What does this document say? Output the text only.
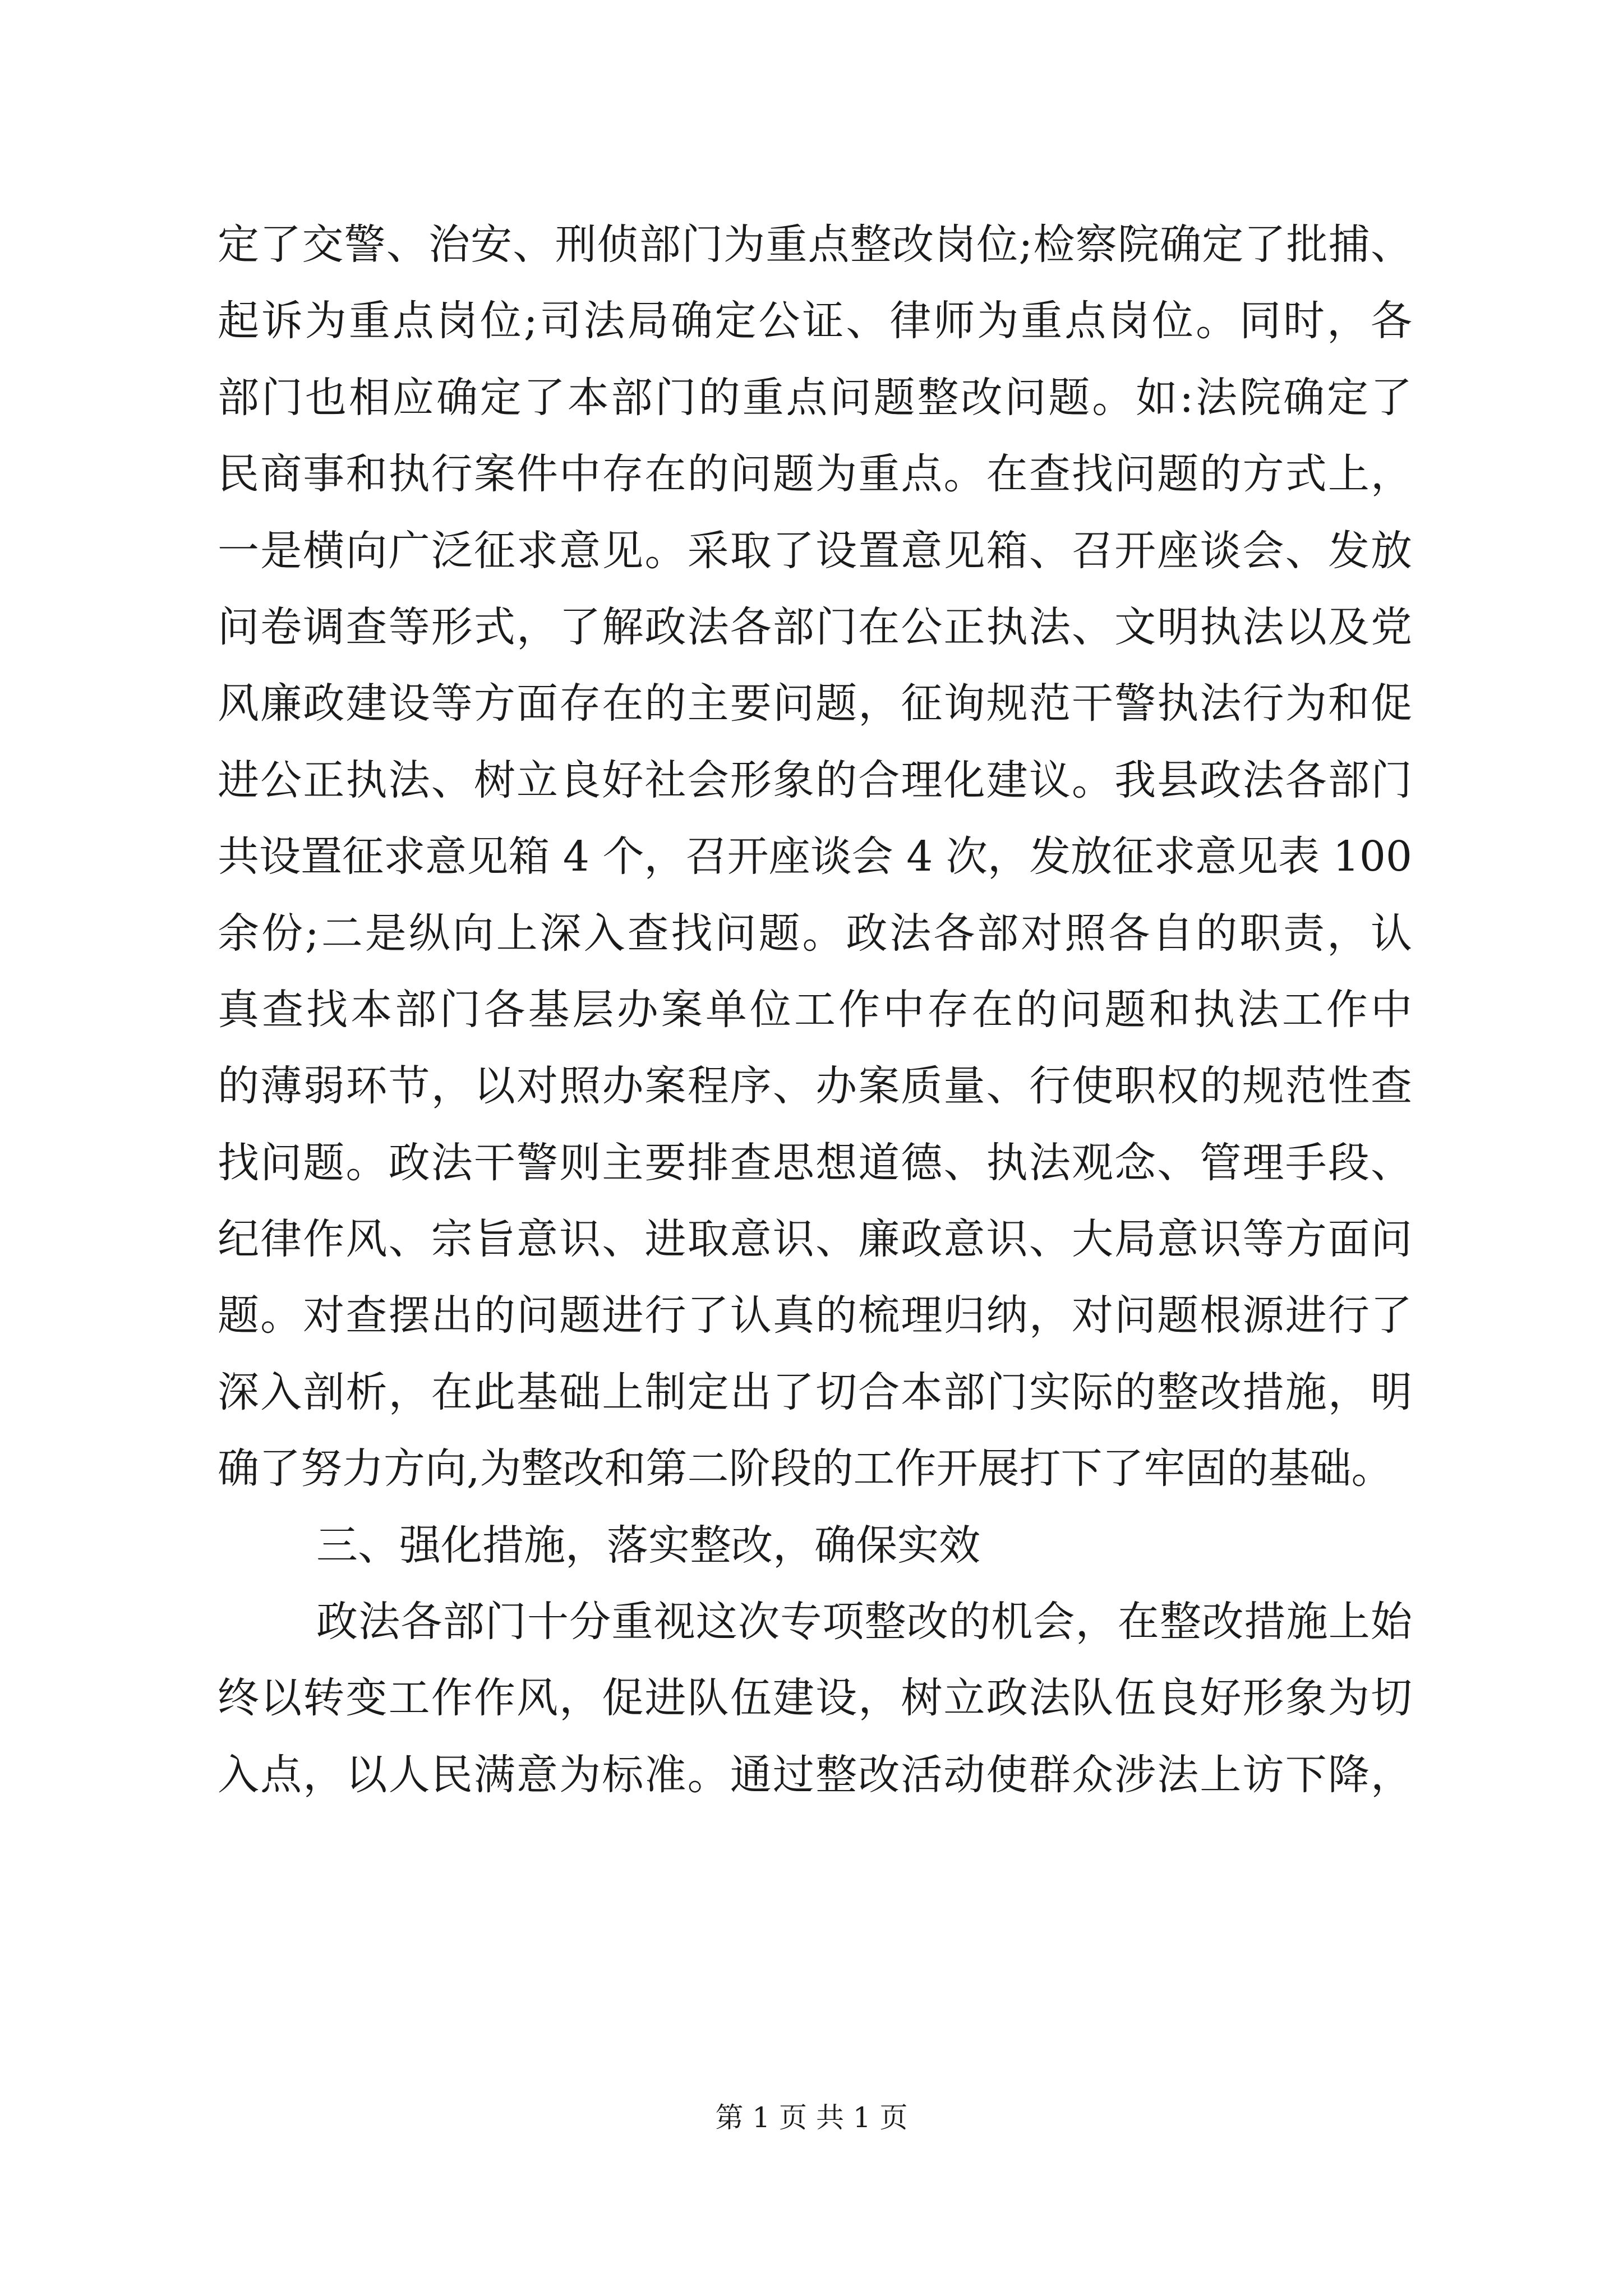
定了交警、治安、刑侦部门为重点整改岗位;检察院确定了批捕、
起诉为重点岗位;司法局确定公证、律师为重点岗位。同时，各
部门也相应确定了本部门的重点问题整改问题。如:法院确定了
民商事和执行案件中存在的问题为重点。在查找问题的方式上，
一是横向广泛征求意见。采取了设置意见箱、召开座谈会、发放
问卷调查等形式，了解政法各部门在公正执法、文明执法以及党
风廉政建设等方面存在的主要问题，征询规范干警执法行为和促
进公正执法、树立良好社会形象的合理化建议。我县政法各部门
共设置征求意见箱 4 个，召开座谈会 4 次，发放征求意见表 100
余份;二是纵向上深入查找问题。政法各部对照各自的职责，认
真查找本部门各基层办案单位工作中存在的问题和执法工作中
的薄弱环节，以对照办案程序、办案质量、行使职权的规范性查
找问题。政法干警则主要排查思想道德、执法观念、管理手段、
纪律作风、宗旨意识、进取意识、廉政意识、大局意识等方面问
题。对查摆出的问题进行了认真的梳理归纳，对问题根源进行了
深入剖析，在此基础上制定出了切合本部门实际的整改措施，明
确了努力方向,为整改和第二阶段的工作开展打下了牢固的基础。
三、强化措施，落实整改，确保实效
政法各部门十分重视这次专项整改的机会，在整改措施上始
终以转变工作作风，促进队伍建设，树立政法队伍良好形象为切
入点，以人民满意为标准。通过整改活动使群众涉法上访下降，
第 1 页 共 1 页
